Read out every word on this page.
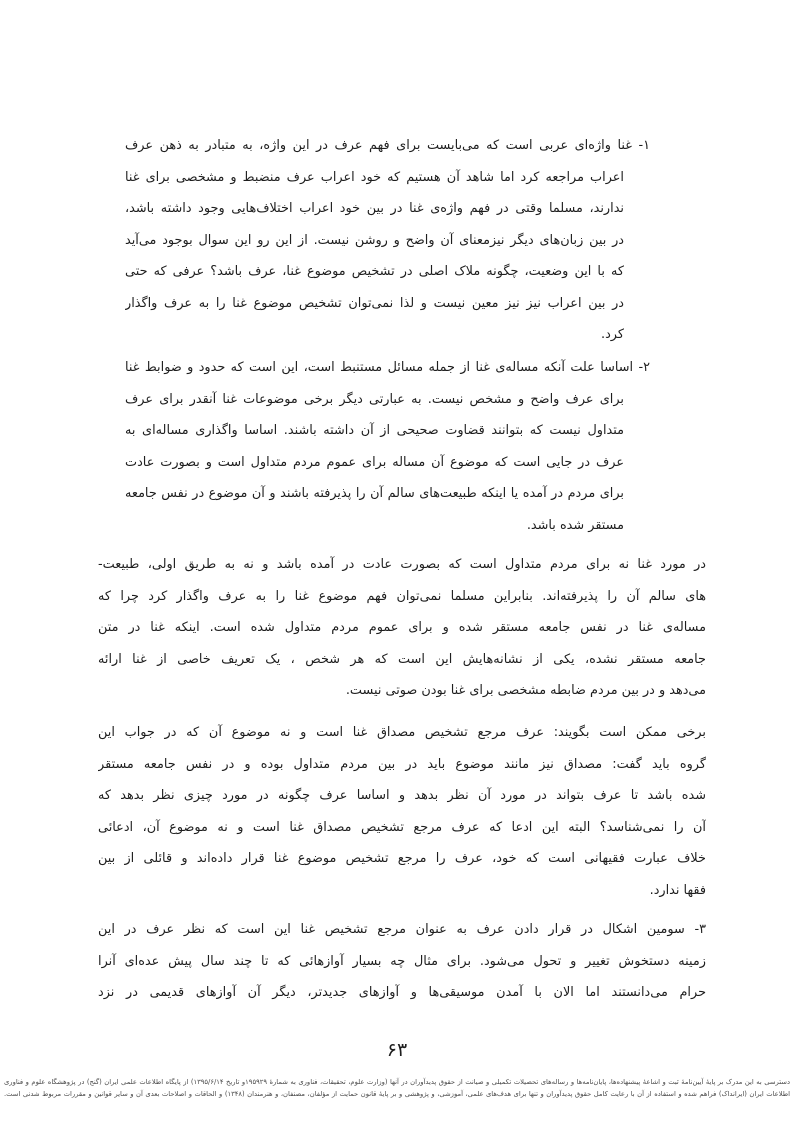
۱- غنا واژه‌ای عربی است که می‌بایست برای فهم عرف در این واژه، به متبادر به ذهن عرف
اعراب مراجعه کرد اما شاهد آن هستیم که خود اعراب عرف منضبط و مشخصی برای غنا
ندارند، مسلما وقتی در فهم واژه‌ی غنا در بین خود اعراب اختلاف‌هایی وجود داشته باشد،
در بین زبان‌های دیگر نیزمعنای آن واضح و روشن نیست. از این رو این سوال بوجود می‌آید
که با این وضعیت، چگونه ملاک اصلی در تشخیص موضوع غنا، عرف باشد؟ عرفی که حتی
در بین اعراب نیز نیز معین نیست و لذا نمی‌توان تشخیص موضوع غنا را به عرف واگذار
کرد.
۲- اساسا علت آنکه مساله‌ی غنا از جمله مسائل مستنبط است، این است که حدود و ضوابط غنا
برای عرف واضح و مشخص نیست. به عبارتی دیگر برخی موضوعات غنا آنقدر برای عرف
متداول نیست که بتوانند قضاوت صحیحی از آن داشته باشند. اساسا واگذاری مساله‌ای به
عرف در جایی است که موضوع آن مساله برای عموم مردم متداول است و بصورت عادت
برای مردم در آمده یا اینکه طبیعت‌های سالم آن را پذیرفته باشند و آن موضوع در نفس جامعه
مستقر شده باشد.
در مورد غنا نه برای مردم متداول است که بصورت عادت در آمده باشد و نه به طریق اولی، طبیعت-
های سالم آن را پذیرفته‌اند. بنابراین مسلما نمی‌توان فهم موضوع غنا را به عرف واگذار کرد چرا که
مساله‌ی غنا در نفس جامعه مستقر شده و برای عموم مردم متداول شده است. اینکه غنا در متن
جامعه مستقر نشده، یکی از نشانه‌هایش این است که هر شخص ، یک تعریف خاصی از غنا ارائه
می‌دهد و در بین مردم ضابطه مشخصی برای غنا بودن صوتی نیست.
برخی ممکن است بگویند: عرف مرجع تشخیص مصداق غنا است و نه موضوع آن که در جواب این
گروه باید گفت: مصداق نیز مانند موضوع باید در بین مردم متداول بوده و در نفس جامعه مستقر
شده باشد تا عرف بتواند در مورد آن نظر بدهد و اساسا عرف چگونه در مورد چیزی نظر بدهد که
آن را نمی‌شناسد؟ البته این ادعا که عرف مرجع تشخیص مصداق غنا است و نه موضوع آن، ادعائی
خلاف عبارت فقیهانی است که خود، عرف را مرجع تشخیص موضوع غنا قرار داده‌اند و قائلی از بین
فقها ندارد.
۳- سومین اشکال در قرار دادن عرف به عنوان مرجع تشخیص غنا این است که نظر عرف در این
زمینه دستخوش تغییر و تحول می‌شود. برای مثال چه بسیار آوازهائی که تا چند سال پیش عده‌ای آنرا
حرام می‌دانستند اما الان با آمدن موسیقی‌ها و آوازهای جدیدتر، دیگر آن آوازهای قدیمی در نزد
۶۳
دسترسی به این مدرک بر پایهٔ آیین‌نامهٔ ثبت و اشاعهٔ پیشنهاده‌ها، پایان‌نامه‌ها و رساله‌های تحصیلات تکمیلی و صیانت از حقوق پدیدآوران در آنها (وزارت علوم، تحقیقات، فناوری به شمارهٔ ۱۹۵۹۲۹و تاریخ ۱۳۹۵/۶/۱۴) از پایگاه اطلاعات علمی ایران (گنج) در پژوهشگاه علوم و فناوری
اطلاعات ایران (ایرانداک) فراهم شده و استفاده از آن با رعایت کامل حقوق پدیدآوران و تنها برای هدف‌های علمی، آموزشی، و پژوهشی و بر پایهٔ قانون حمایت از مؤلفان، مصنفان، و هنرمندان (۱۳۴۸) و الحاقات و اصلاحات بعدی آن و سایر قوانین و مقررات مربوط شدنی است.
